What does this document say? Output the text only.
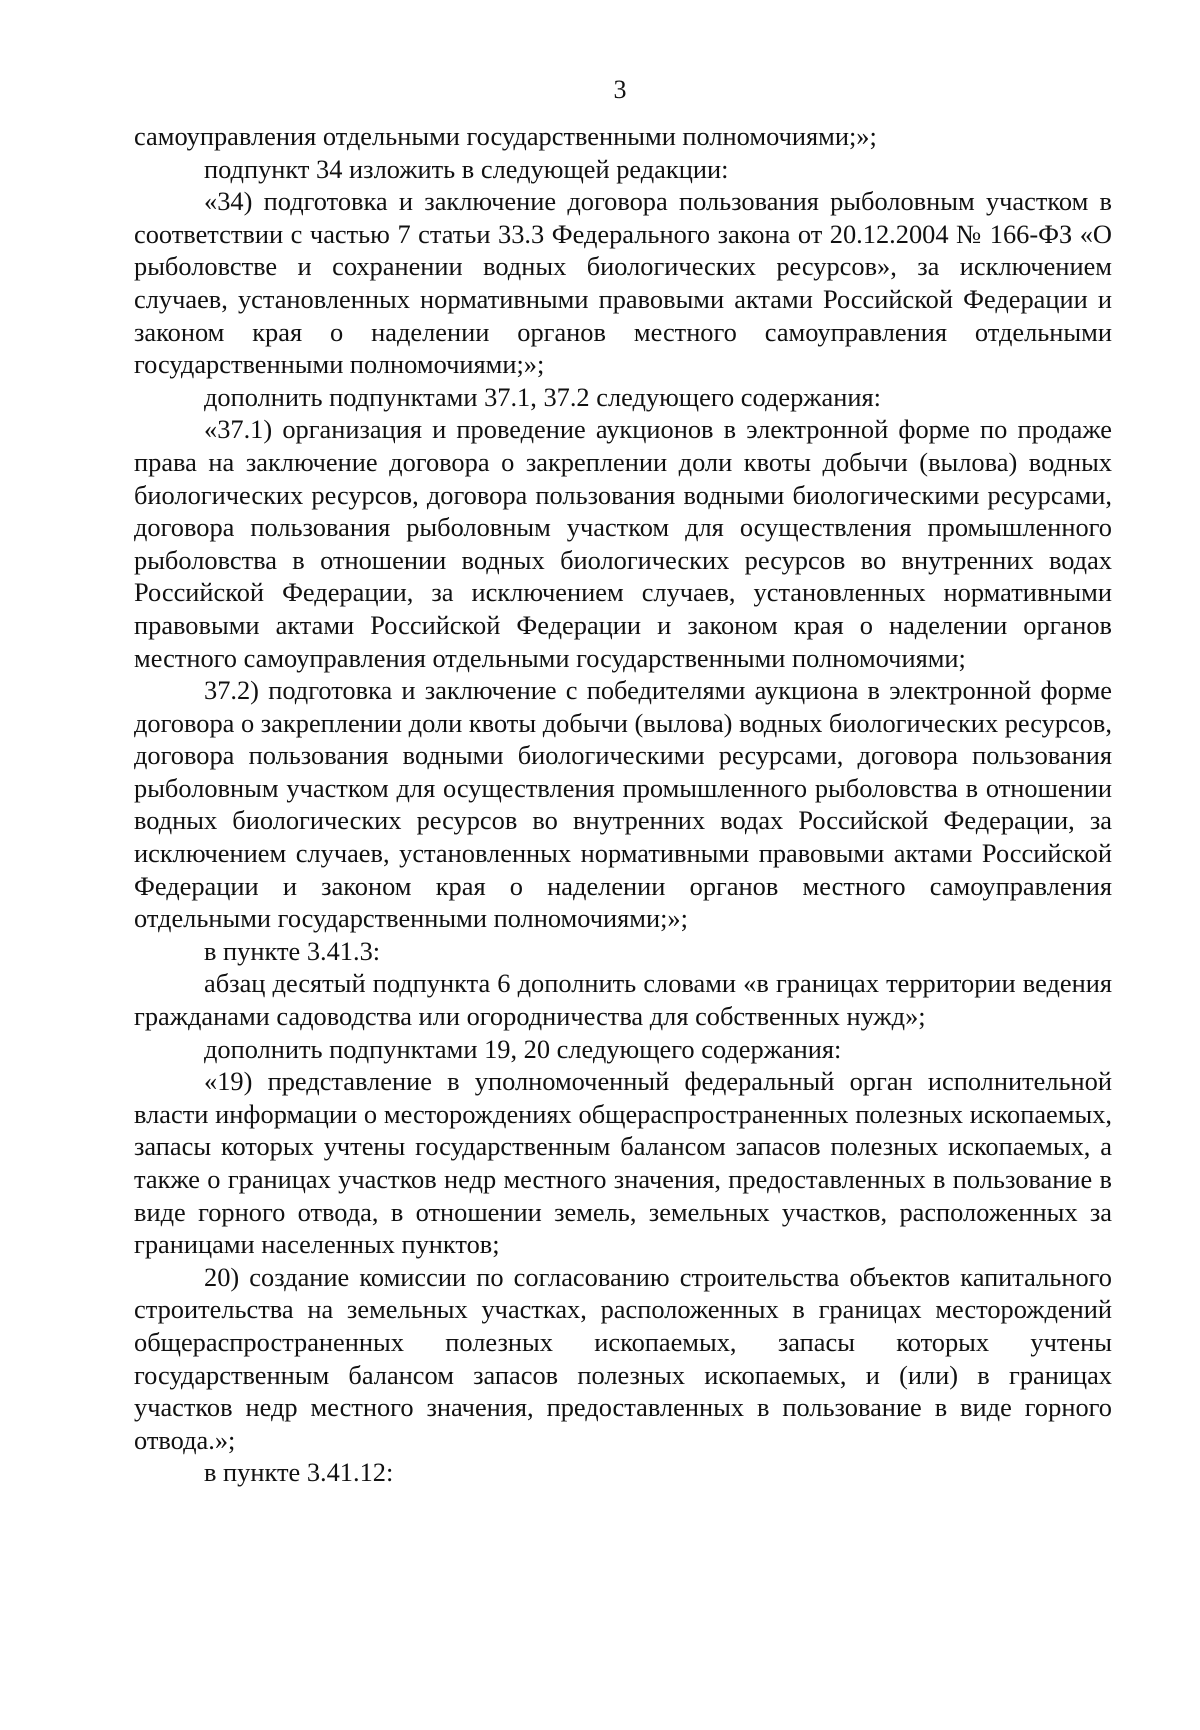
3

самоуправления отдельными государственными полномочиями;»;

подпункт 34 изложить в следующей редакции:

«34) подготовка и заключение договора пользования рыболовным участком в соответствии с частью 7 статьи 33.3 Федерального закона от 20.12.2004 № 166-ФЗ «О рыболовстве и сохранении водных биологических ресурсов», за исключением случаев, установленных нормативными правовыми актами Российской Федерации и законом края о наделении органов местного самоуправления отдельными государственными полномочиями;»;

дополнить подпунктами 37.1, 37.2 следующего содержания:

«37.1) организация и проведение аукционов в электронной форме по продаже права на заключение договора о закреплении доли квоты добычи (вылова) водных биологических ресурсов, договора пользования водными биологическими ресурсами, договора пользования рыболовным участком для осуществления промышленного рыболовства в отношении водных биологических ресурсов во внутренних водах Российской Федерации, за исключением случаев, установленных нормативными правовыми актами Российской Федерации и законом края о наделении органов местного самоуправления отдельными государственными полномочиями;

37.2) подготовка и заключение с победителями аукциона в электронной форме договора о закреплении доли квоты добычи (вылова) водных биологических ресурсов, договора пользования водными биологическими ресурсами, договора пользования рыболовным участком для осуществления промышленного рыболовства в отношении водных биологических ресурсов во внутренних водах Российской Федерации, за исключением случаев, установленных нормативными правовыми актами Российской Федерации и законом края о наделении органов местного самоуправления отдельными государственными полномочиями;»;

в пункте 3.41.3:

абзац десятый подпункта 6 дополнить словами «в границах территории ведения гражданами садоводства или огородничества для собственных нужд»;

дополнить подпунктами 19, 20 следующего содержания:

«19) представление в уполномоченный федеральный орган исполнительной власти информации о месторождениях общераспространенных полезных ископаемых, запасы которых учтены государственным балансом запасов полезных ископаемых, а также о границах участков недр местного значения, предоставленных в пользование в виде горного отвода, в отношении земель, земельных участков, расположенных за границами населенных пунктов;

20) создание комиссии по согласованию строительства объектов капитального строительства на земельных участках, расположенных в границах месторождений общераспространенных полезных ископаемых, запасы которых учтены государственным балансом запасов полезных ископаемых, и (или) в границах участков недр местного значения, предоставленных в пользование в виде горного отвода.»;

в пункте 3.41.12:
